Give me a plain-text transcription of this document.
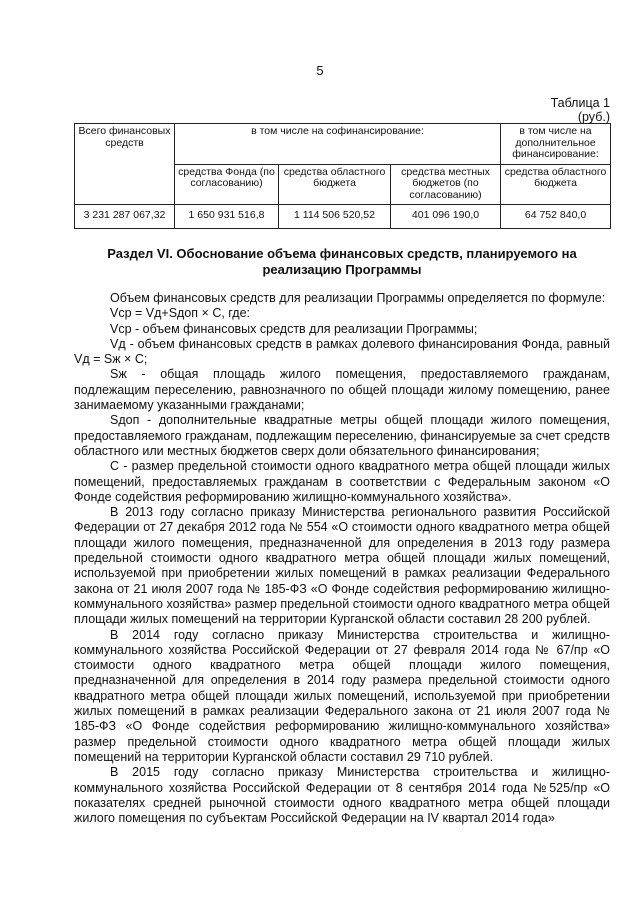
5
Таблица 1
(руб.)
Всего финансовых средств	в том числе на софинансирование:			в том числе на дополнительное финансирование:
	средства Фонда (по согласованию)	средства областного бюджета	средства местных бюджетов (по согласованию)	средства областного бюджета
3 231 287 067,32	1 650 931 516,8	1 114 506 520,52	401 096 190,0	64 752 840,0
Раздел VI. Обоснование объема финансовых средств, планируемого на реализацию Программы

Объем финансовых средств для реализации Программы определяется по формуле:

Vср = Vд+Sдоп × С, где:

Vср - объем финансовых средств для реализации Программы;

Vд - объем финансовых средств в рамках долевого финансирования Фонда, равный Vд = Sж × С;

Sж - общая площадь жилого помещения, предоставляемого гражданам, подлежащим переселению, равнозначного по общей площади жилому помещению, ранее занимаемому указанными гражданами;

Sдоп - дополнительные квадратные метры общей площади жилого помещения, предоставляемого гражданам, подлежащим переселению, финансируемые за счет средств областного или местных бюджетов сверх доли обязательного финансирования;

С - размер предельной стоимости одного квадратного метра общей площади жилых помещений, предоставляемых гражданам в соответствии с Федеральным законом «О Фонде содействия реформированию жилищно-коммунального хозяйства».

В 2013 году согласно приказу Министерства регионального развития Российской Федерации от 27 декабря 2012 года № 554 «О стоимости одного квадратного метра общей площади жилого помещения, предназначенной для определения в 2013 году размера предельной стоимости одного квадратного метра общей площади жилых помещений, используемой при приобретении жилых помещений в рамках реализации Федерального закона от 21 июля 2007 года № 185-ФЗ «О Фонде содействия реформированию жилищно-коммунального хозяйства» размер предельной стоимости одного квадратного метра общей площади жилых помещений на территории Курганской области составил 28 200 рублей.

В 2014 году согласно приказу Министерства строительства и жилищно-коммунального хозяйства Российской Федерации от 27 февраля 2014 года № 67/пр «О стоимости одного квадратного метра общей площади жилого помещения, предназначенной для определения в 2014 году размера предельной стоимости одного квадратного метра общей площади жилых помещений, используемой при приобретении жилых помещений в рамках реализации Федерального закона от 21 июля 2007 года № 185-ФЗ «О Фонде содействия реформированию жилищно-коммунального хозяйства» размер предельной стоимости одного квадратного метра общей площади жилых помещений на территории Курганской области составил 29 710 рублей.

В 2015 году согласно приказу Министерства строительства и жилищно-коммунального хозяйства Российской Федерации от 8 сентября 2014 года №525/пр «О показателях средней рыночной стоимости одного квадратного метра общей площади жилого помещения по субъектам Российской Федерации на IV квартал 2014 года»
